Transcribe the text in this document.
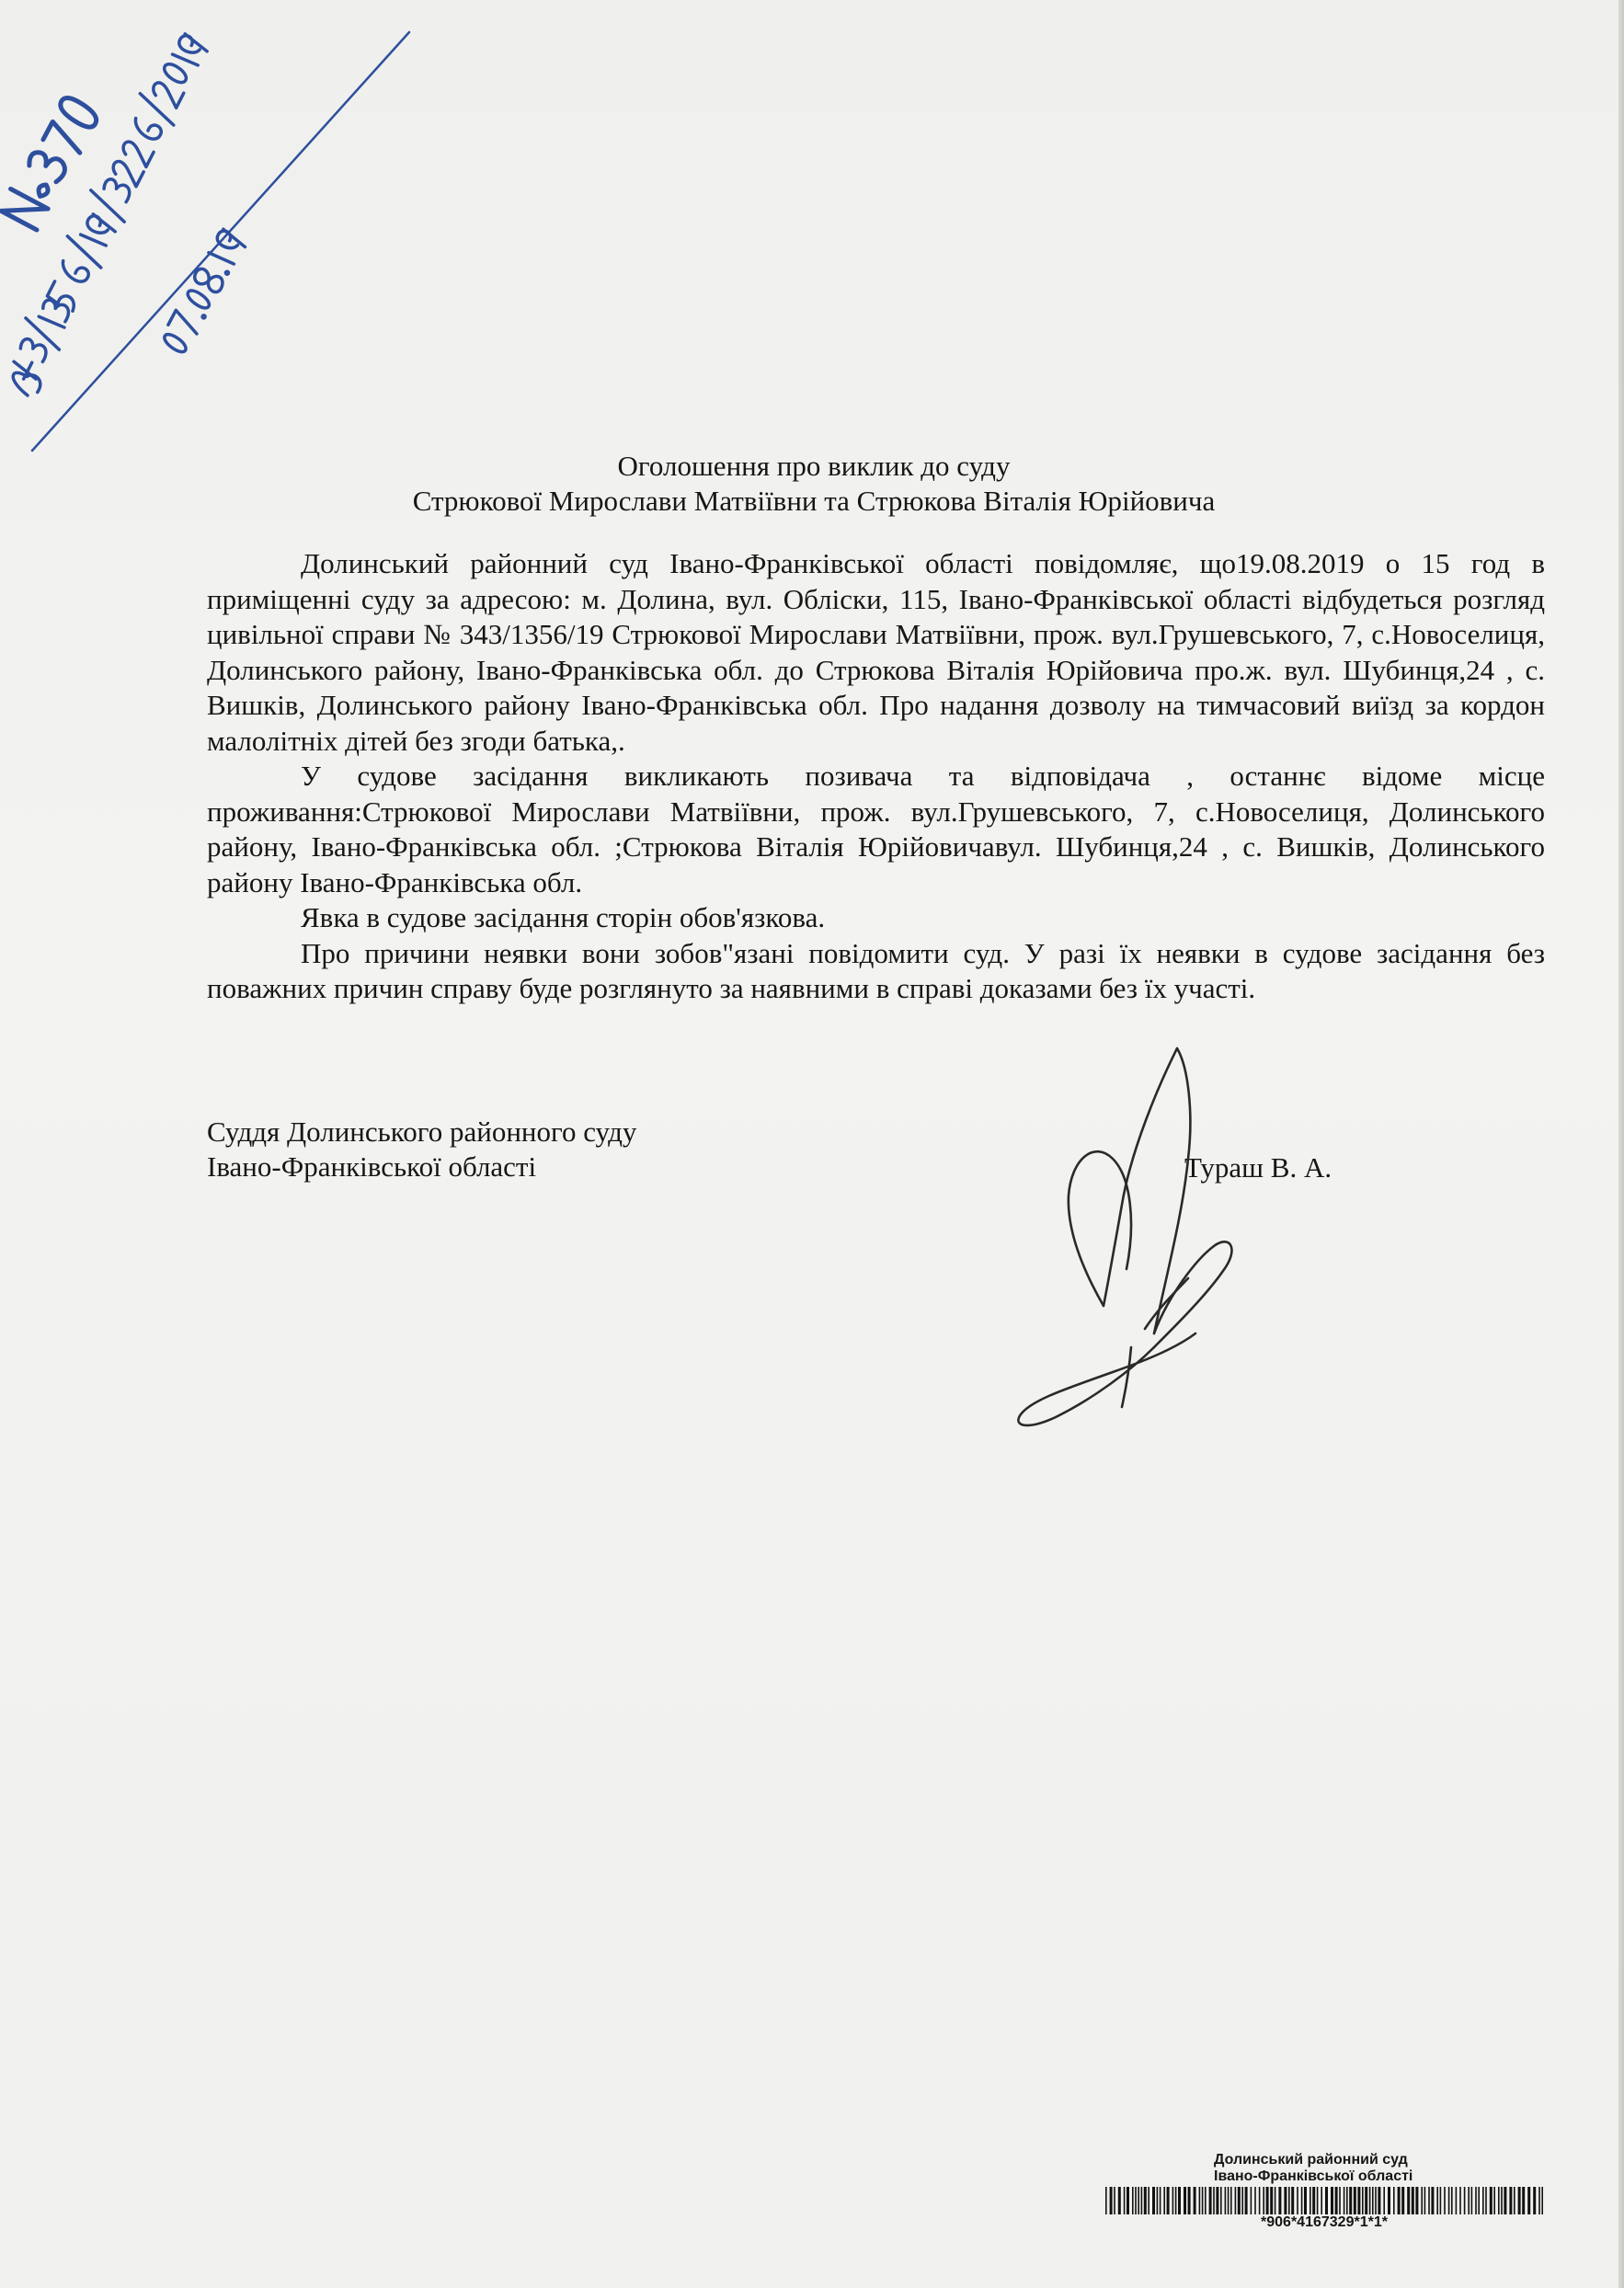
Оголошення про виклик до суду
Стрюкової Мирослави Матвіївни та Стрюкова Віталія Юрійовича

Долинський районний суд Івано-Франківської області повідомляє, що19.08.2019 о 15 год в приміщенні суду за адресою: м. Долина, вул. Обліски, 115, Івано-Франківської області відбудеться розгляд цивільної справи № 343/1356/19 Стрюкової Мирослави Матвіївни, прож. вул.Грушевського, 7, с.Новоселиця, Долинського району, Івано-Франківська обл. до Стрюкова Віталія Юрійовича про.ж. вул. Шубинця,24 , с. Вишків, Долинського району Івано-Франківська обл. Про надання дозволу на тимчасовий виїзд за кордон малолітніх дітей без згоди батька,.

У судове засідання викликають позивача та відповідача , останнє відоме місце проживання:Стрюкової Мирослави Матвіївни, прож. вул.Грушевського, 7, с.Новоселиця, Долинського району, Івано-Франківська обл. ;Стрюкова Віталія Юрійовичавул. Шубинця,24 , с. Вишків, Долинського району Івано-Франківська обл.

Явка в судове засідання сторін обов'язкова.

Про причини неявки вони зобов"язані повідомити суд. У разі їх неявки в судове засідання без поважних причин справу буде розглянуто за наявними в справі доказами без їх участі.

Суддя Долинського районного суду
Івано-Франківської області	Тураш В. А.
Долинський районний суд
Івано-Франківської області
*906*4167329*1*1*
